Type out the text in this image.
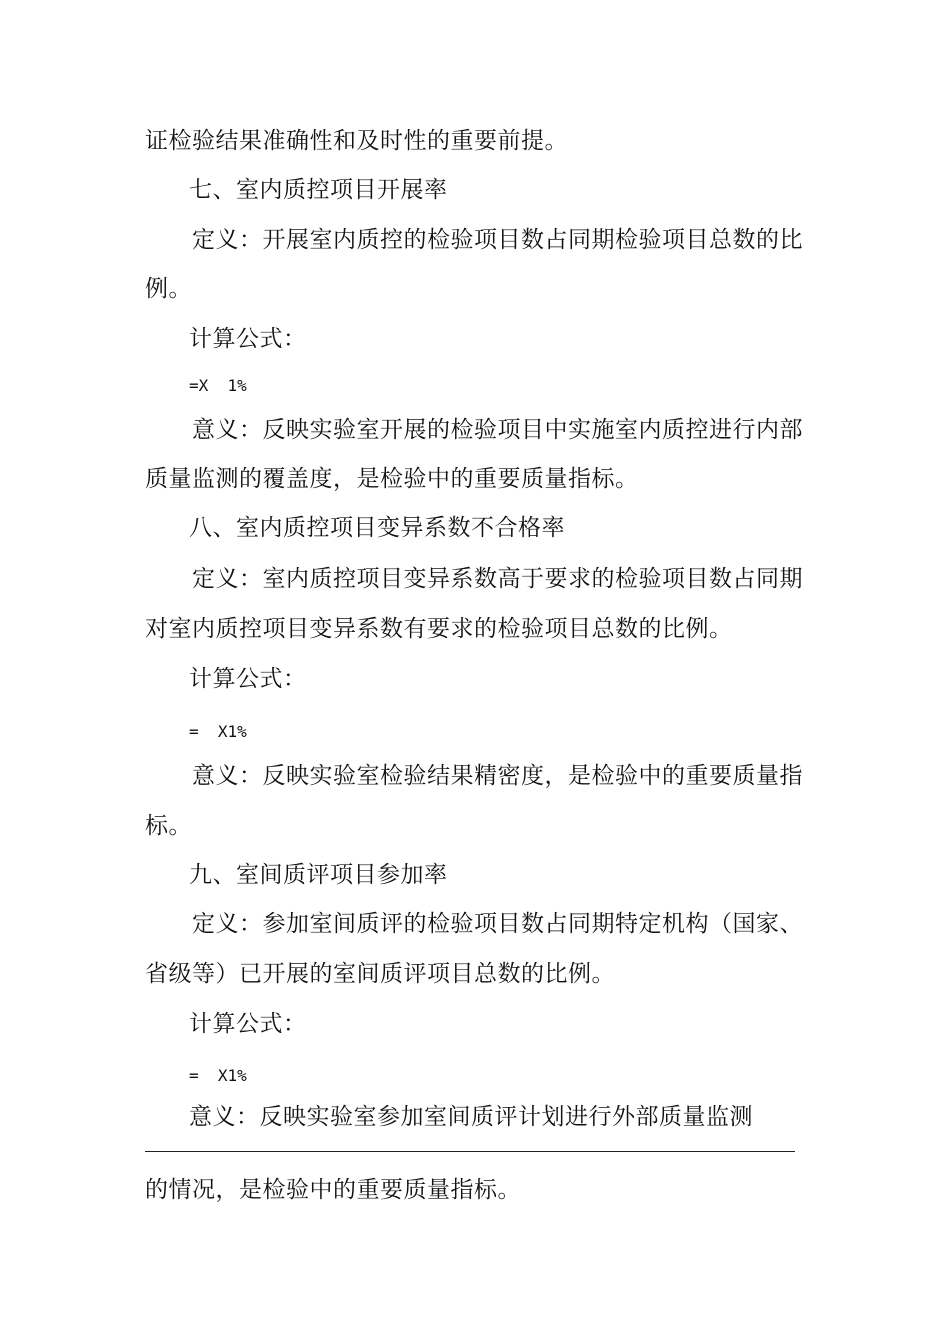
证检验结果准确性和及时性的重要前提。
七、室内质控项目开展率
定义：开展室内质控的检验项目数占同期检验项目总数的比
例。
计算公式：
=X  1%
意义：反映实验室开展的检验项目中实施室内质控进行内部
质量监测的覆盖度，是检验中的重要质量指标。
八、室内质控项目变异系数不合格率
定义：室内质控项目变异系数高于要求的检验项目数占同期
对室内质控项目变异系数有要求的检验项目总数的比例。
计算公式：
=  X1%
意义：反映实验室检验结果精密度，是检验中的重要质量指
标。
九、室间质评项目参加率
定义：参加室间质评的检验项目数占同期特定机构（国家、
省级等）已开展的室间质评项目总数的比例。
计算公式：
=  X1%
意义：反映实验室参加室间质评计划进行外部质量监测
的情况，是检验中的重要质量指标。
